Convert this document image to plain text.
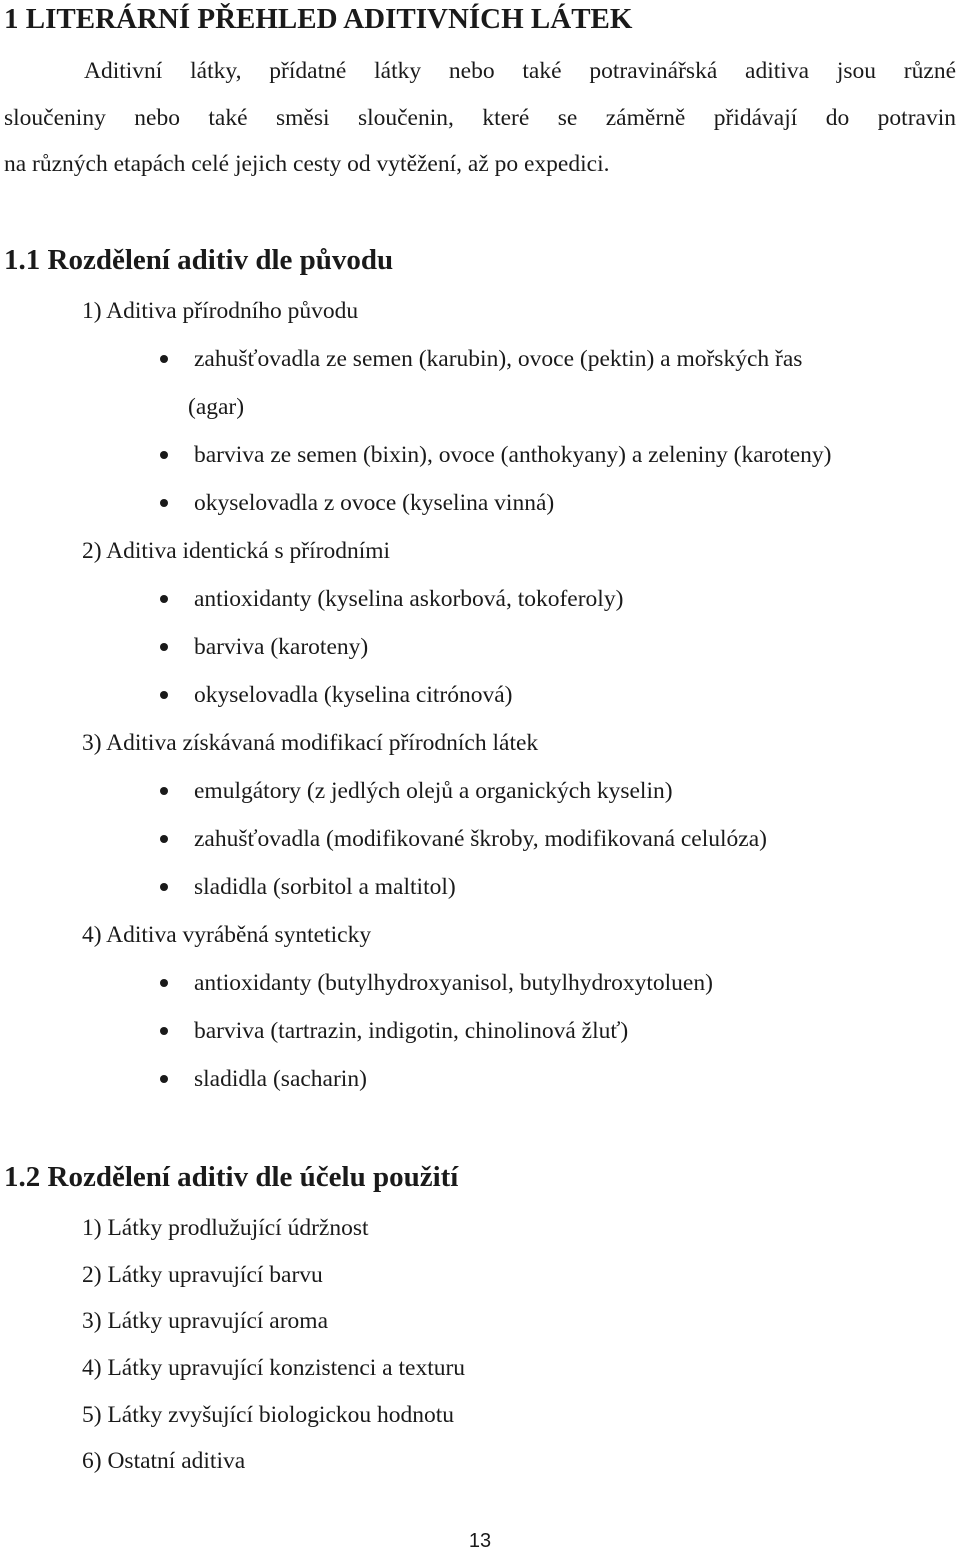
1 LITERÁRNÍ PŘEHLED ADITIVNÍCH LÁTEK
Aditivní látky, přídatné látky nebo také potravinářská aditiva jsou různé
sloučeniny nebo také směsi sloučenin, které se záměrně přidávají do potravin
na různých etapách celé jejich cesty od vytěžení, až po expedici.
1.1 Rozdělení aditiv dle původu
1) Aditiva přírodního původu
zahušťovadla ze semen (karubin), ovoce (pektin) a mořských řas
(agar)
barviva ze semen (bixin), ovoce (anthokyany) a zeleniny (karoteny)
okyselovadla z ovoce (kyselina vinná)
2) Aditiva identická s přírodními
antioxidanty (kyselina askorbová, tokoferoly)
barviva (karoteny)
okyselovadla (kyselina citrónová)
3) Aditiva získávaná modifikací přírodních látek
emulgátory (z jedlých olejů a organických kyselin)
zahušťovadla (modifikované škroby, modifikovaná celulóza)
sladidla (sorbitol a maltitol)
4) Aditiva vyráběná synteticky
antioxidanty (butylhydroxyanisol, butylhydroxytoluen)
barviva (tartrazin, indigotin, chinolinová žluť)
sladidla (sacharin)
1.2 Rozdělení aditiv dle účelu použití
1) Látky prodlužující údržnost
2) Látky upravující barvu
3) Látky upravující aroma
4) Látky upravující konzistenci a texturu
5) Látky zvyšující biologickou hodnotu
6) Ostatní aditiva
13
